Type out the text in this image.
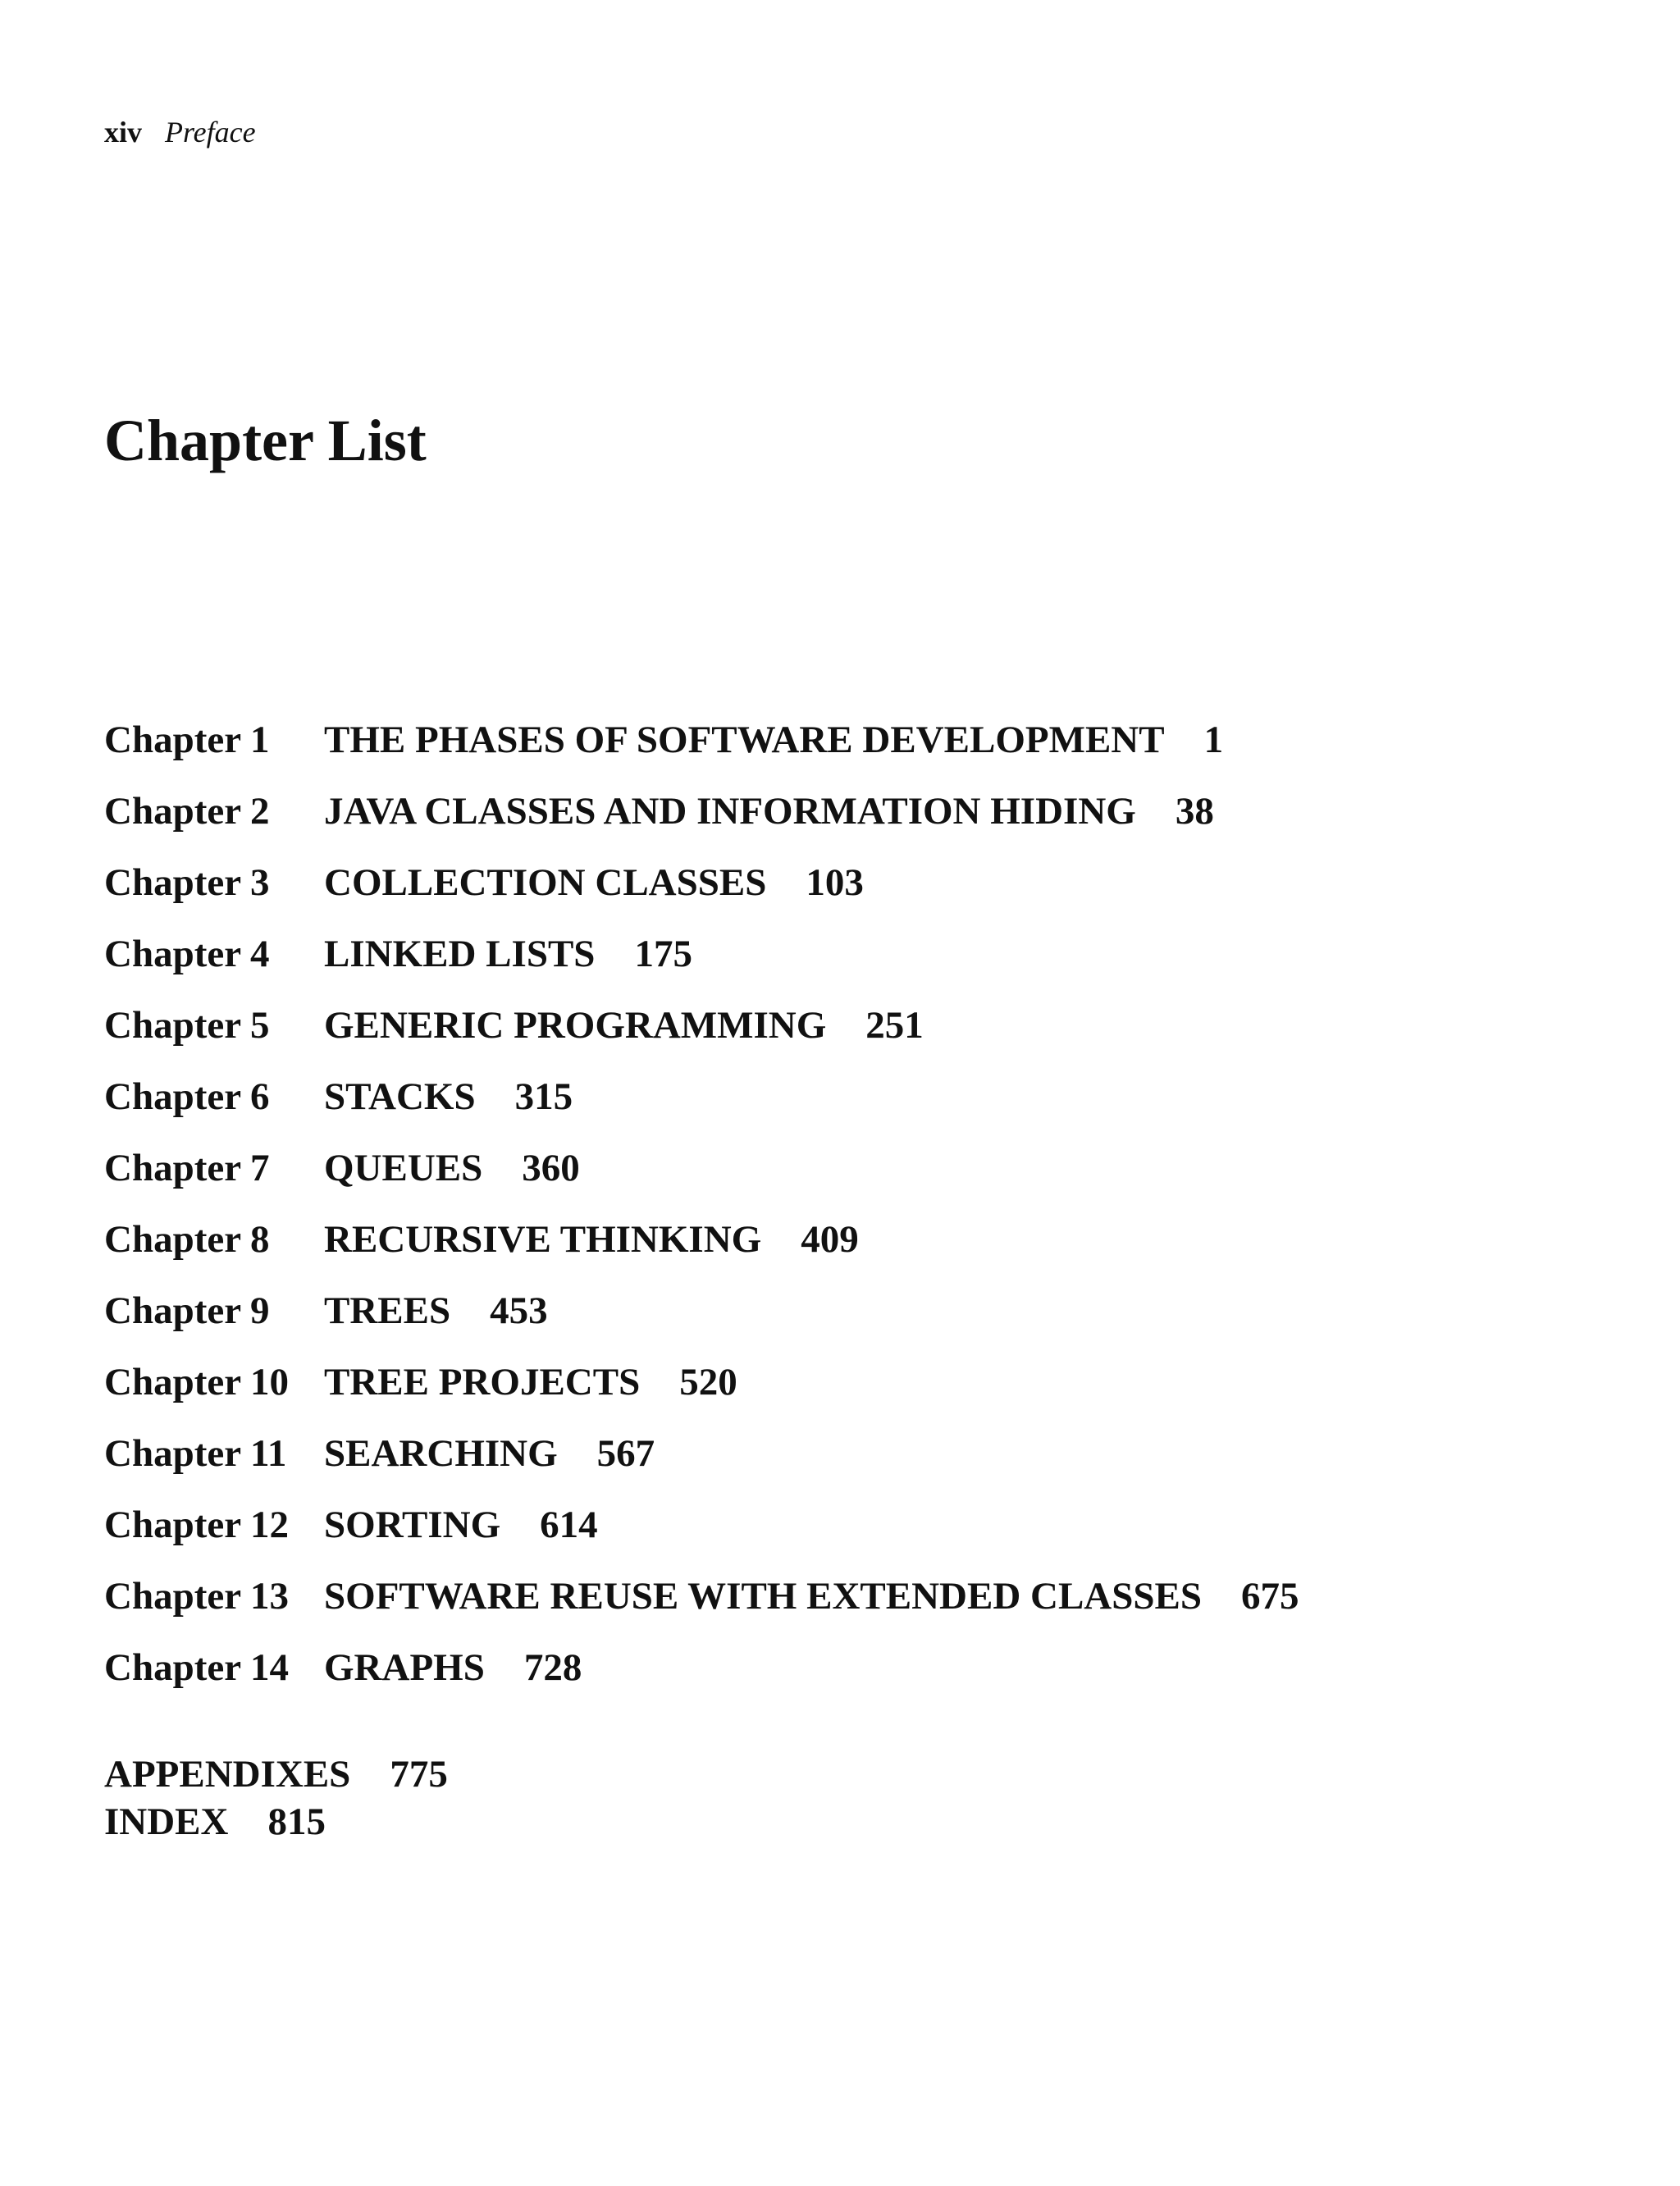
xiv Preface
Chapter List
Chapter 1	THE PHASES OF SOFTWARE DEVELOPMENT 1
Chapter 2	JAVA CLASSES AND INFORMATION HIDING 38
Chapter 3	COLLECTION CLASSES 103
Chapter 4	LINKED LISTS 175
Chapter 5	GENERIC PROGRAMMING 251
Chapter 6	STACKS 315
Chapter 7	QUEUES 360
Chapter 8	RECURSIVE THINKING 409
Chapter 9	TREES 453
Chapter 10 TREE PROJECTS 520
Chapter 11 SEARCHING 567
Chapter 12 SORTING 614
Chapter 13 SOFTWARE REUSE WITH EXTENDED CLASSES 675
Chapter 14 GRAPHS 728
APPENDIXES 775
INDEX 815
